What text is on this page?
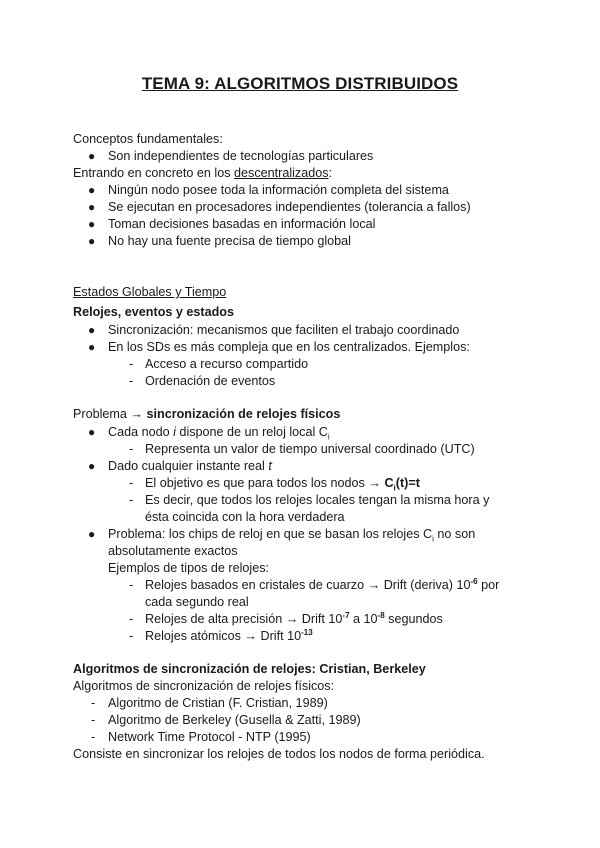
TEMA 9: ALGORITMOS DISTRIBUIDOS
Conceptos fundamentales:
● Son independientes de tecnologías particulares
Entrando en concreto en los descentralizados:
● Ningún nodo posee toda la información completa del sistema
● Se ejecutan en procesadores independientes (tolerancia a fallos)
● Toman decisiones basadas en información local
● No hay una fuente precisa de tiempo global
Estados Globales y Tiempo
Relojes, eventos y estados
● Sincronización: mecanismos que faciliten el trabajo coordinado
● En los SDs es más compleja que en los centralizados. Ejemplos:
- Acceso a recurso compartido
- Ordenación de eventos
Problema → sincronización de relojes físicos
● Cada nodo i dispone de un reloj local $C_i$
- Representa un valor de tiempo universal coordinado (UTC)
● Dado cualquier instante real t
- El objetivo es que para todos los nodos → $C_i(t)=t$
- Es decir, que todos los relojes locales tengan la misma hora y
ésta coincida con la hora verdadera
● Problema: los chips de reloj en que se basan los relojes $C_i$ no son
absolutamente exactos
Ejemplos de tipos de relojes:
- Relojes basados en cristales de cuarzo → Drift (deriva) $10^{-6}$ por
cada segundo real
- Relojes de alta precisión → Drift $10^{-7}$ a $10^{-8}$ segundos
- Relojes atómicos → Drift $10^{-13}$
Algoritmos de sincronización de relojes: Cristian, Berkeley
Algoritmos de sincronización de relojes físicos:
- Algoritmo de Cristian (F. Cristian, 1989)
- Algoritmo de Berkeley (Gusella & Zatti, 1989)
- Network Time Protocol - NTP (1995)
Consiste en sincronizar los relojes de todos los nodos de forma periódica.
